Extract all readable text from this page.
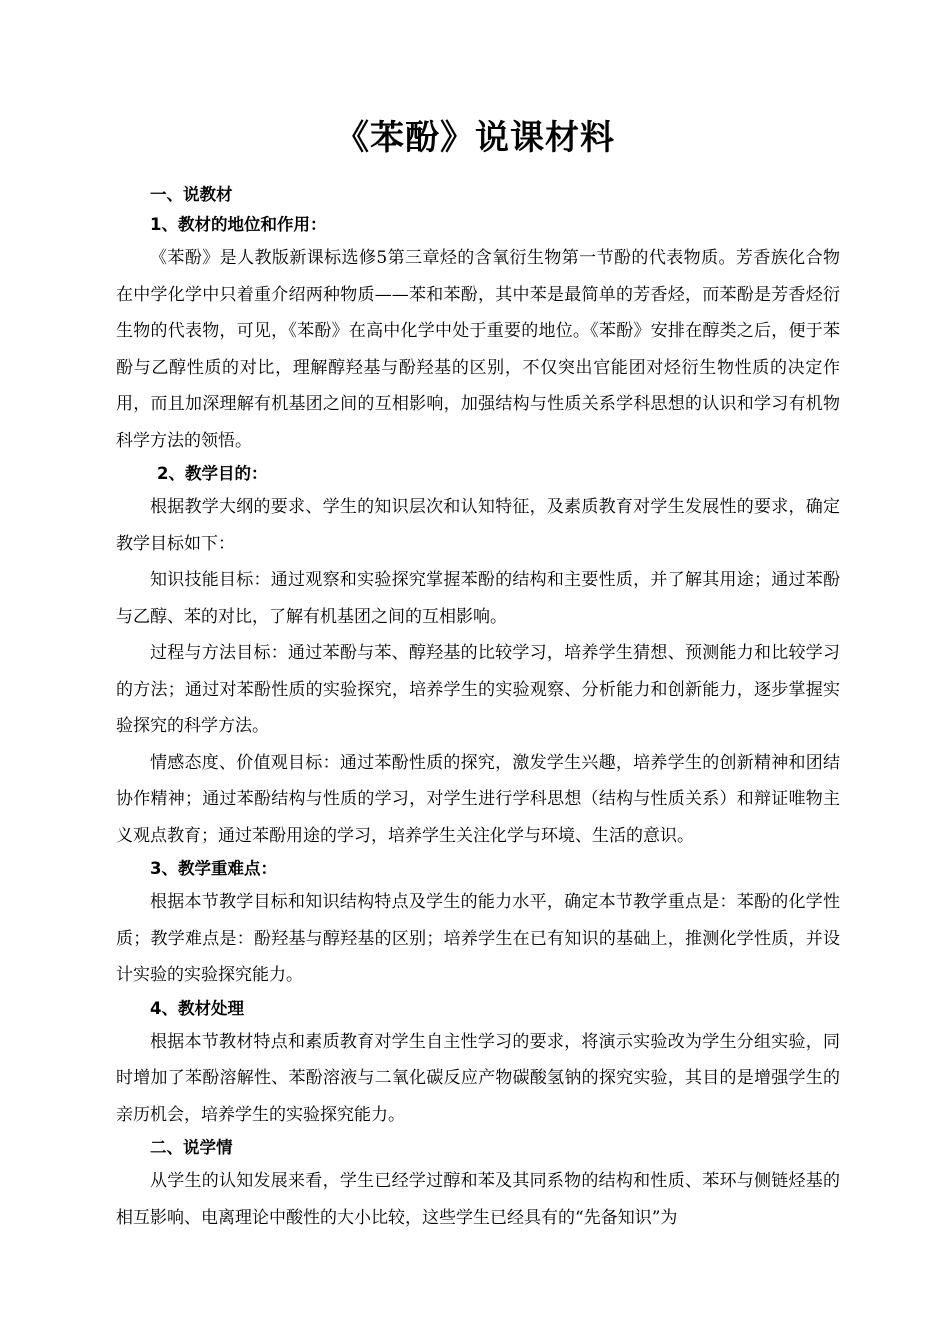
《苯酚》说课材料
一、说教材
1、教材的地位和作用：

《苯酚》是人教版新课标选修5第三章烃的含氧衍生物第一节酚的代表物质。芳香族化合物在中学化学中只着重介绍两种物质——苯和苯酚，其中苯是最简单的芳香烃，而苯酚是芳香烃衍生物的代表物，可见，《苯酚》在高中化学中处于重要的地位。《苯酚》安排在醇类之后，便于苯酚与乙醇性质的对比，理解醇羟基与酚羟基的区别，不仅突出官能团对烃衍生物性质的决定作用，而且加深理解有机基团之间的互相影响，加强结构与性质关系学科思想的认识和学习有机物科学方法的领悟。

2、教学目的：

根据教学大纲的要求、学生的知识层次和认知特征，及素质教育对学生发展性的要求，确定教学目标如下：

知识技能目标：通过观察和实验探究掌握苯酚的结构和主要性质，并了解其用途；通过苯酚与乙醇、苯的对比，了解有机基团之间的互相影响。

过程与方法目标：通过苯酚与苯、醇羟基的比较学习，培养学生猜想、预测能力和比较学习的方法；通过对苯酚性质的实验探究，培养学生的实验观察、分析能力和创新能力，逐步掌握实验探究的科学方法。

情感态度、价值观目标：通过苯酚性质的探究，激发学生兴趣，培养学生的创新精神和团结协作精神；通过苯酚结构与性质的学习，对学生进行学科思想（结构与性质关系）和辩证唯物主义观点教育；通过苯酚用途的学习，培养学生关注化学与环境、生活的意识。

3、教学重难点：

根据本节教学目标和知识结构特点及学生的能力水平，确定本节教学重点是：苯酚的化学性质；教学难点是：酚羟基与醇羟基的区别；培养学生在已有知识的基础上，推测化学性质，并设计实验的实验探究能力。

4、教材处理

根据本节教材特点和素质教育对学生自主性学习的要求，将演示实验改为学生分组实验，同时增加了苯酚溶解性、苯酚溶液与二氧化碳反应产物碳酸氢钠的探究实验，其目的是增强学生的亲历机会，培养学生的实验探究能力。

二、说学情

从学生的认知发展来看，学生已经学过醇和苯及其同系物的结构和性质、苯环与侧链烃基的相互影响、电离理论中酸性的大小比较，这些学生已经具有的“先备知识”为
